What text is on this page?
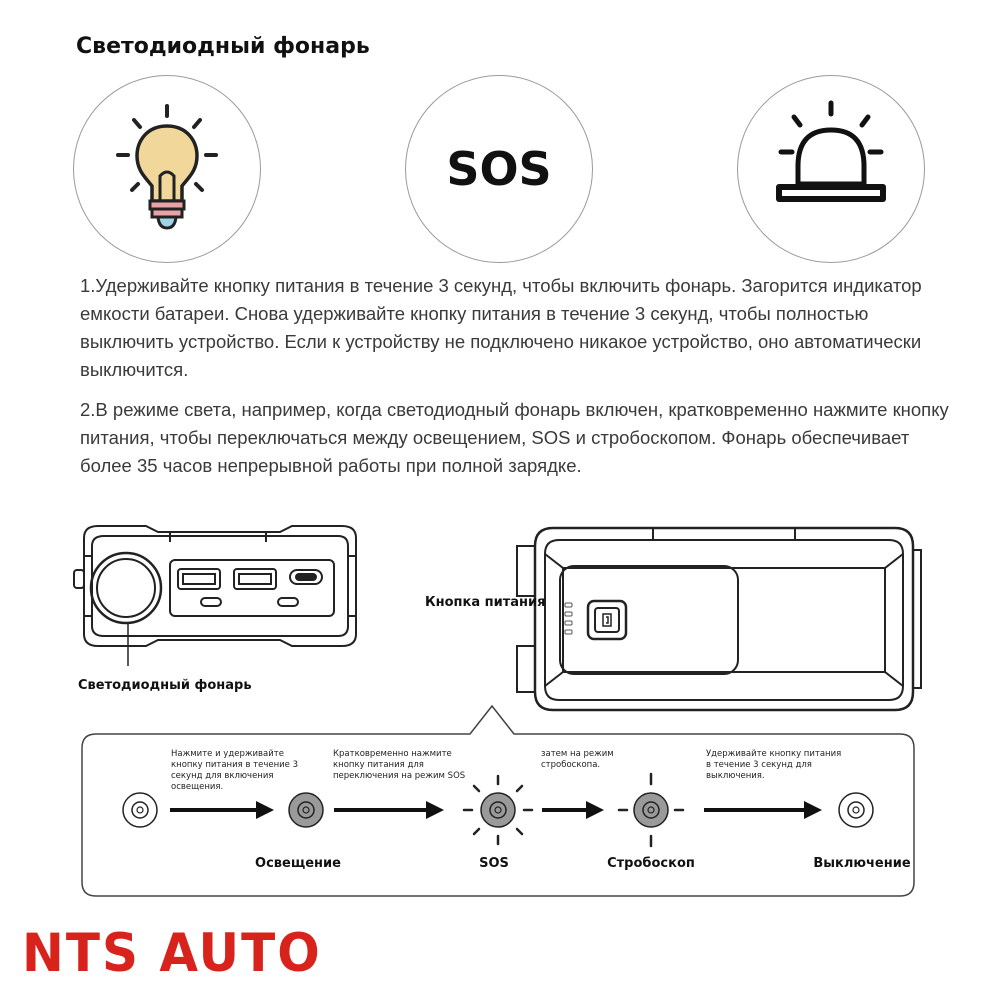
Светодиодный фонарь
SOS
1.Удерживайте кнопку питания в течение 3 секунд, чтобы включить фонарь. Загорится индикатор емкости батареи. Снова удерживайте кнопку питания в течение 3 секунд, чтобы полностью выключить устройство. Если к устройству не подключено никакое устройство, оно автоматически выключится.
2.В режиме света, например, когда светодиодный фонарь включен, кратковременно нажмите кнопку питания, чтобы переключаться между освещением, SOS и стробоскопом. Фонарь обеспечивает более 35 часов непрерывной работы при полной зарядке.
Светодиодный фонарь
Кнопка питания
Нажмите и удерживайте кнопку питания в течение 3 секунд для включения освещения.
Кратковременно нажмите кнопку питания для переключения на режим SOS
затем на режим стробоскопа.
Удерживайте кнопку питания в течение 3 секунд для выключения.
Освещение	SOS	Стробоскоп	Выключение
NTS AUTO
